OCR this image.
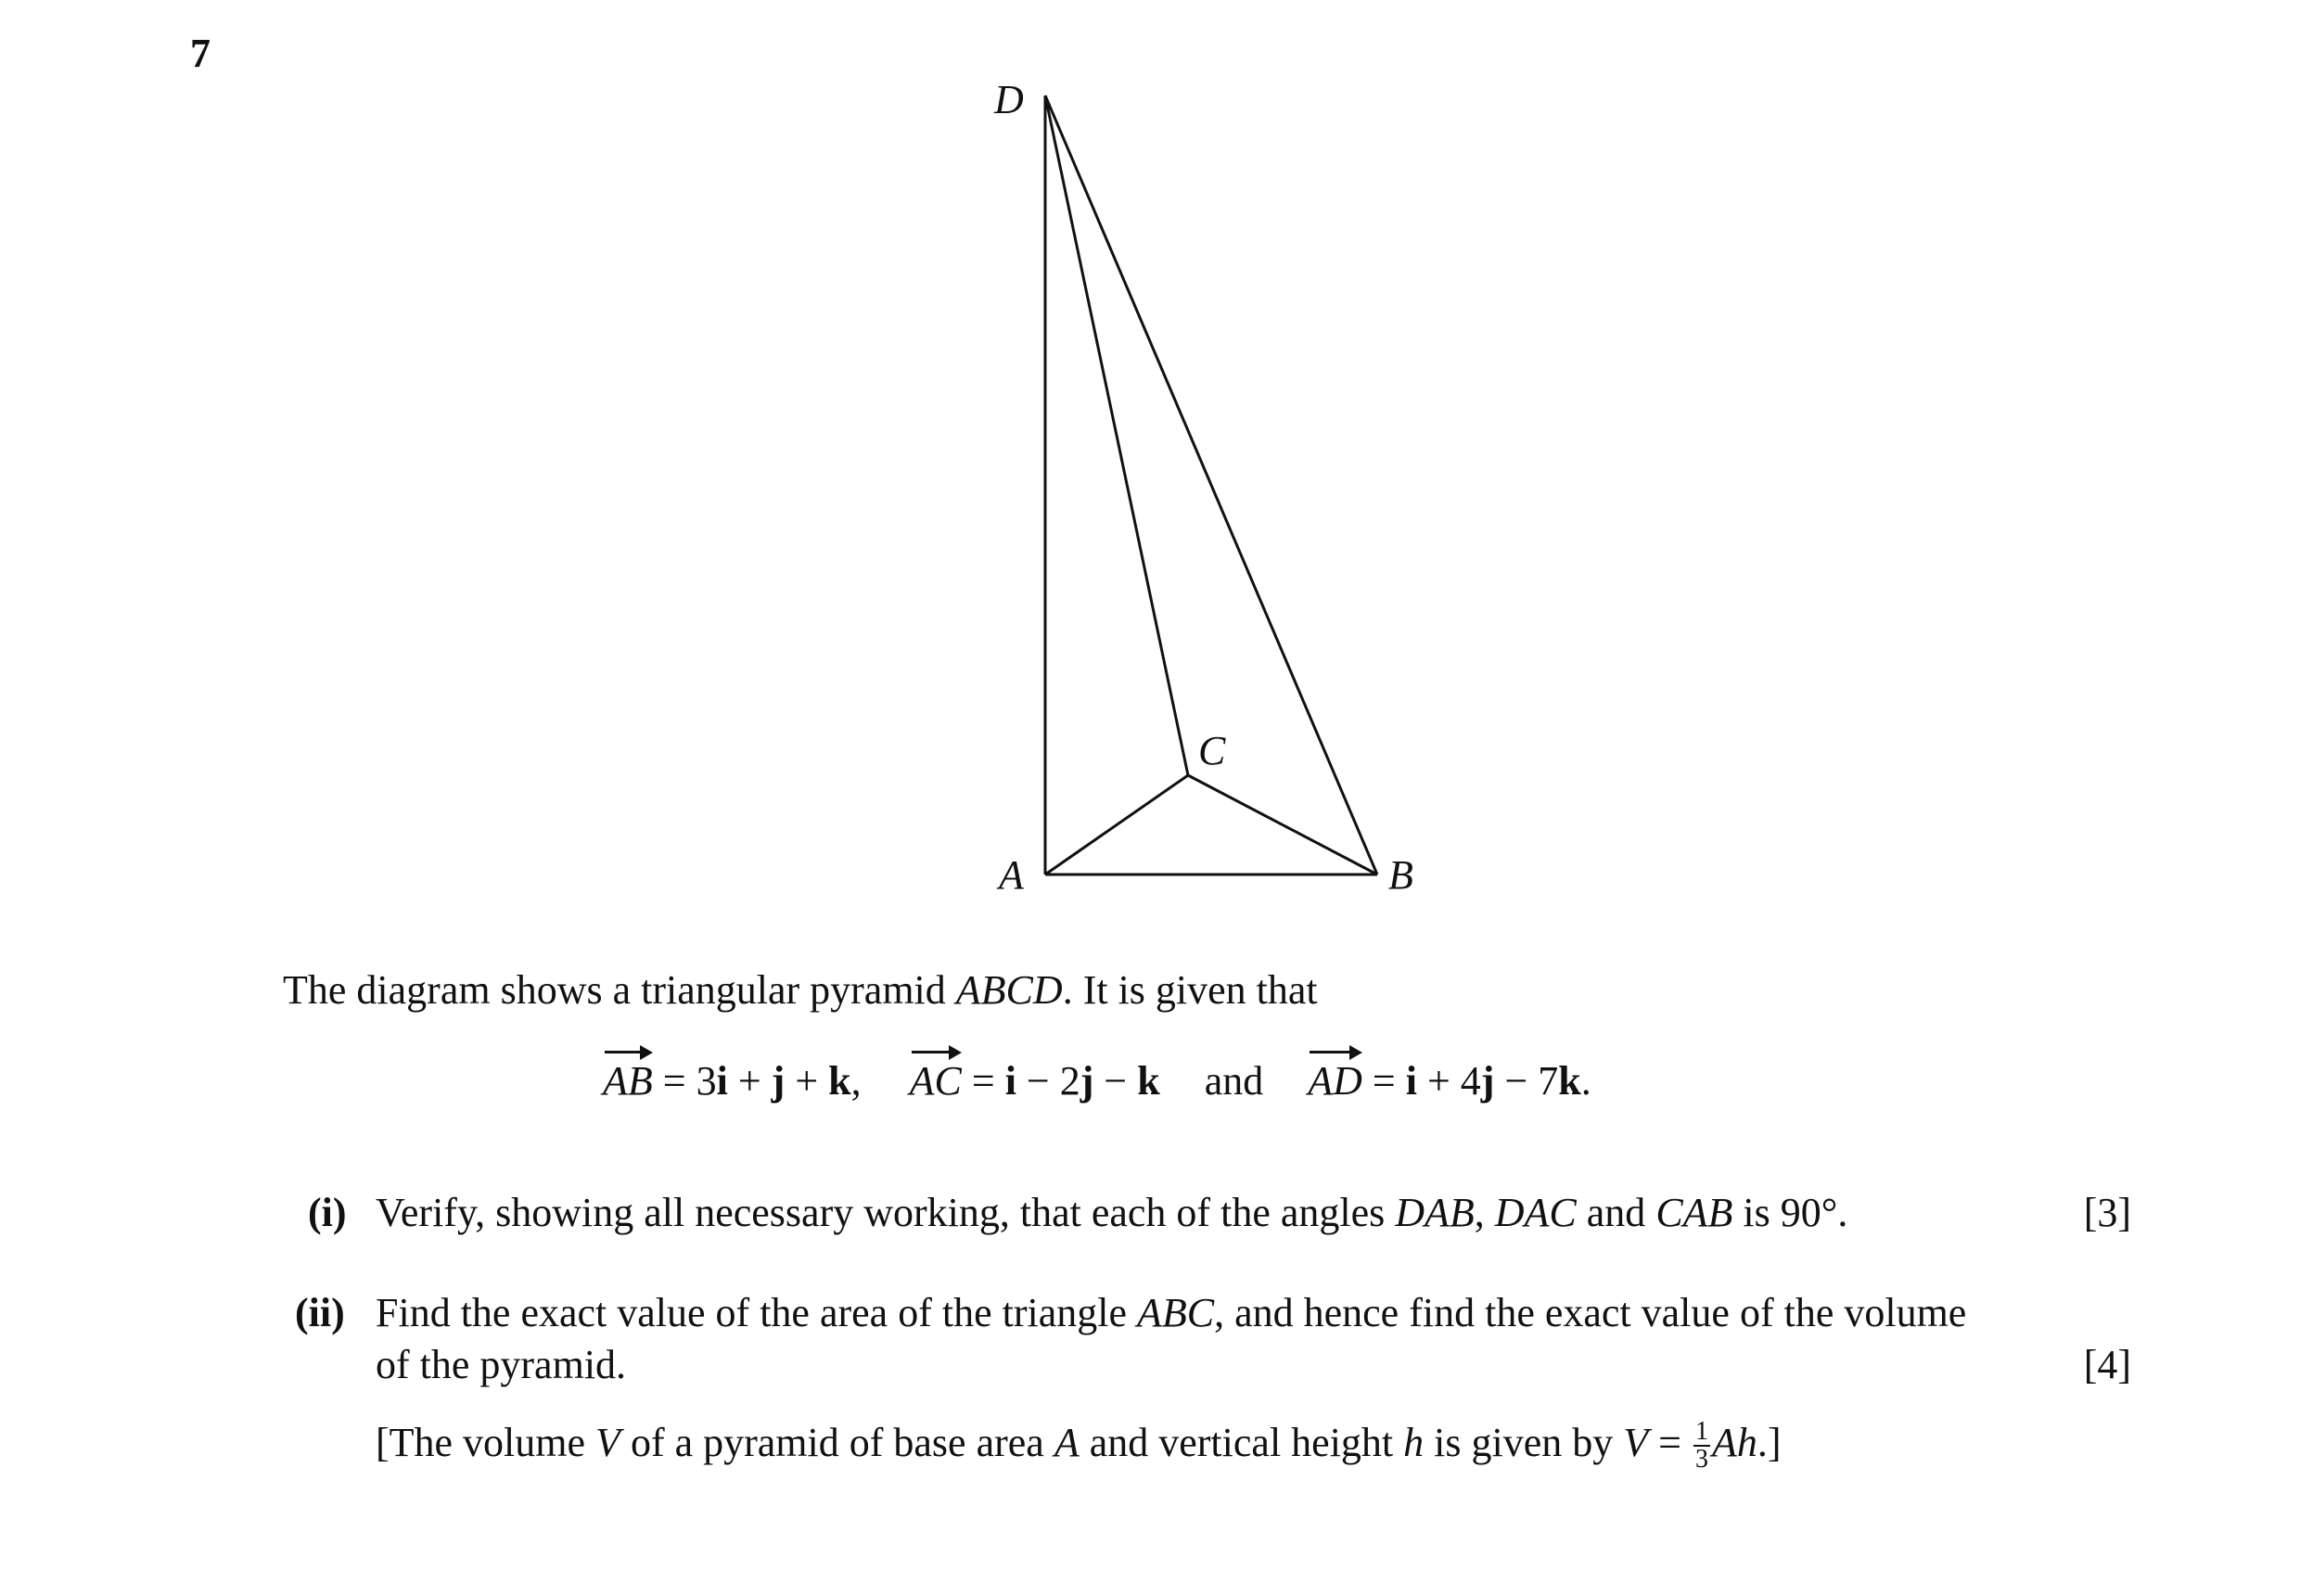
7
D
C
A	B
The diagram shows a triangular pyramid ABCD. It is given that
AB = 3i + j + k, AC = i − 2j − k and AD = i + 4j − 7k.
(i) Verify, showing all necessary working, that each of the angles DAB, DAC and CAB is 90°.	[3]
(ii) Find the exact value of the area of the triangle ABC, and hence find the exact value of the volume
of the pyramid.	[4]
[The volume V of a pyramid of base area A and vertical height h is given by $V = \frac{1}{3} Ah$.]
